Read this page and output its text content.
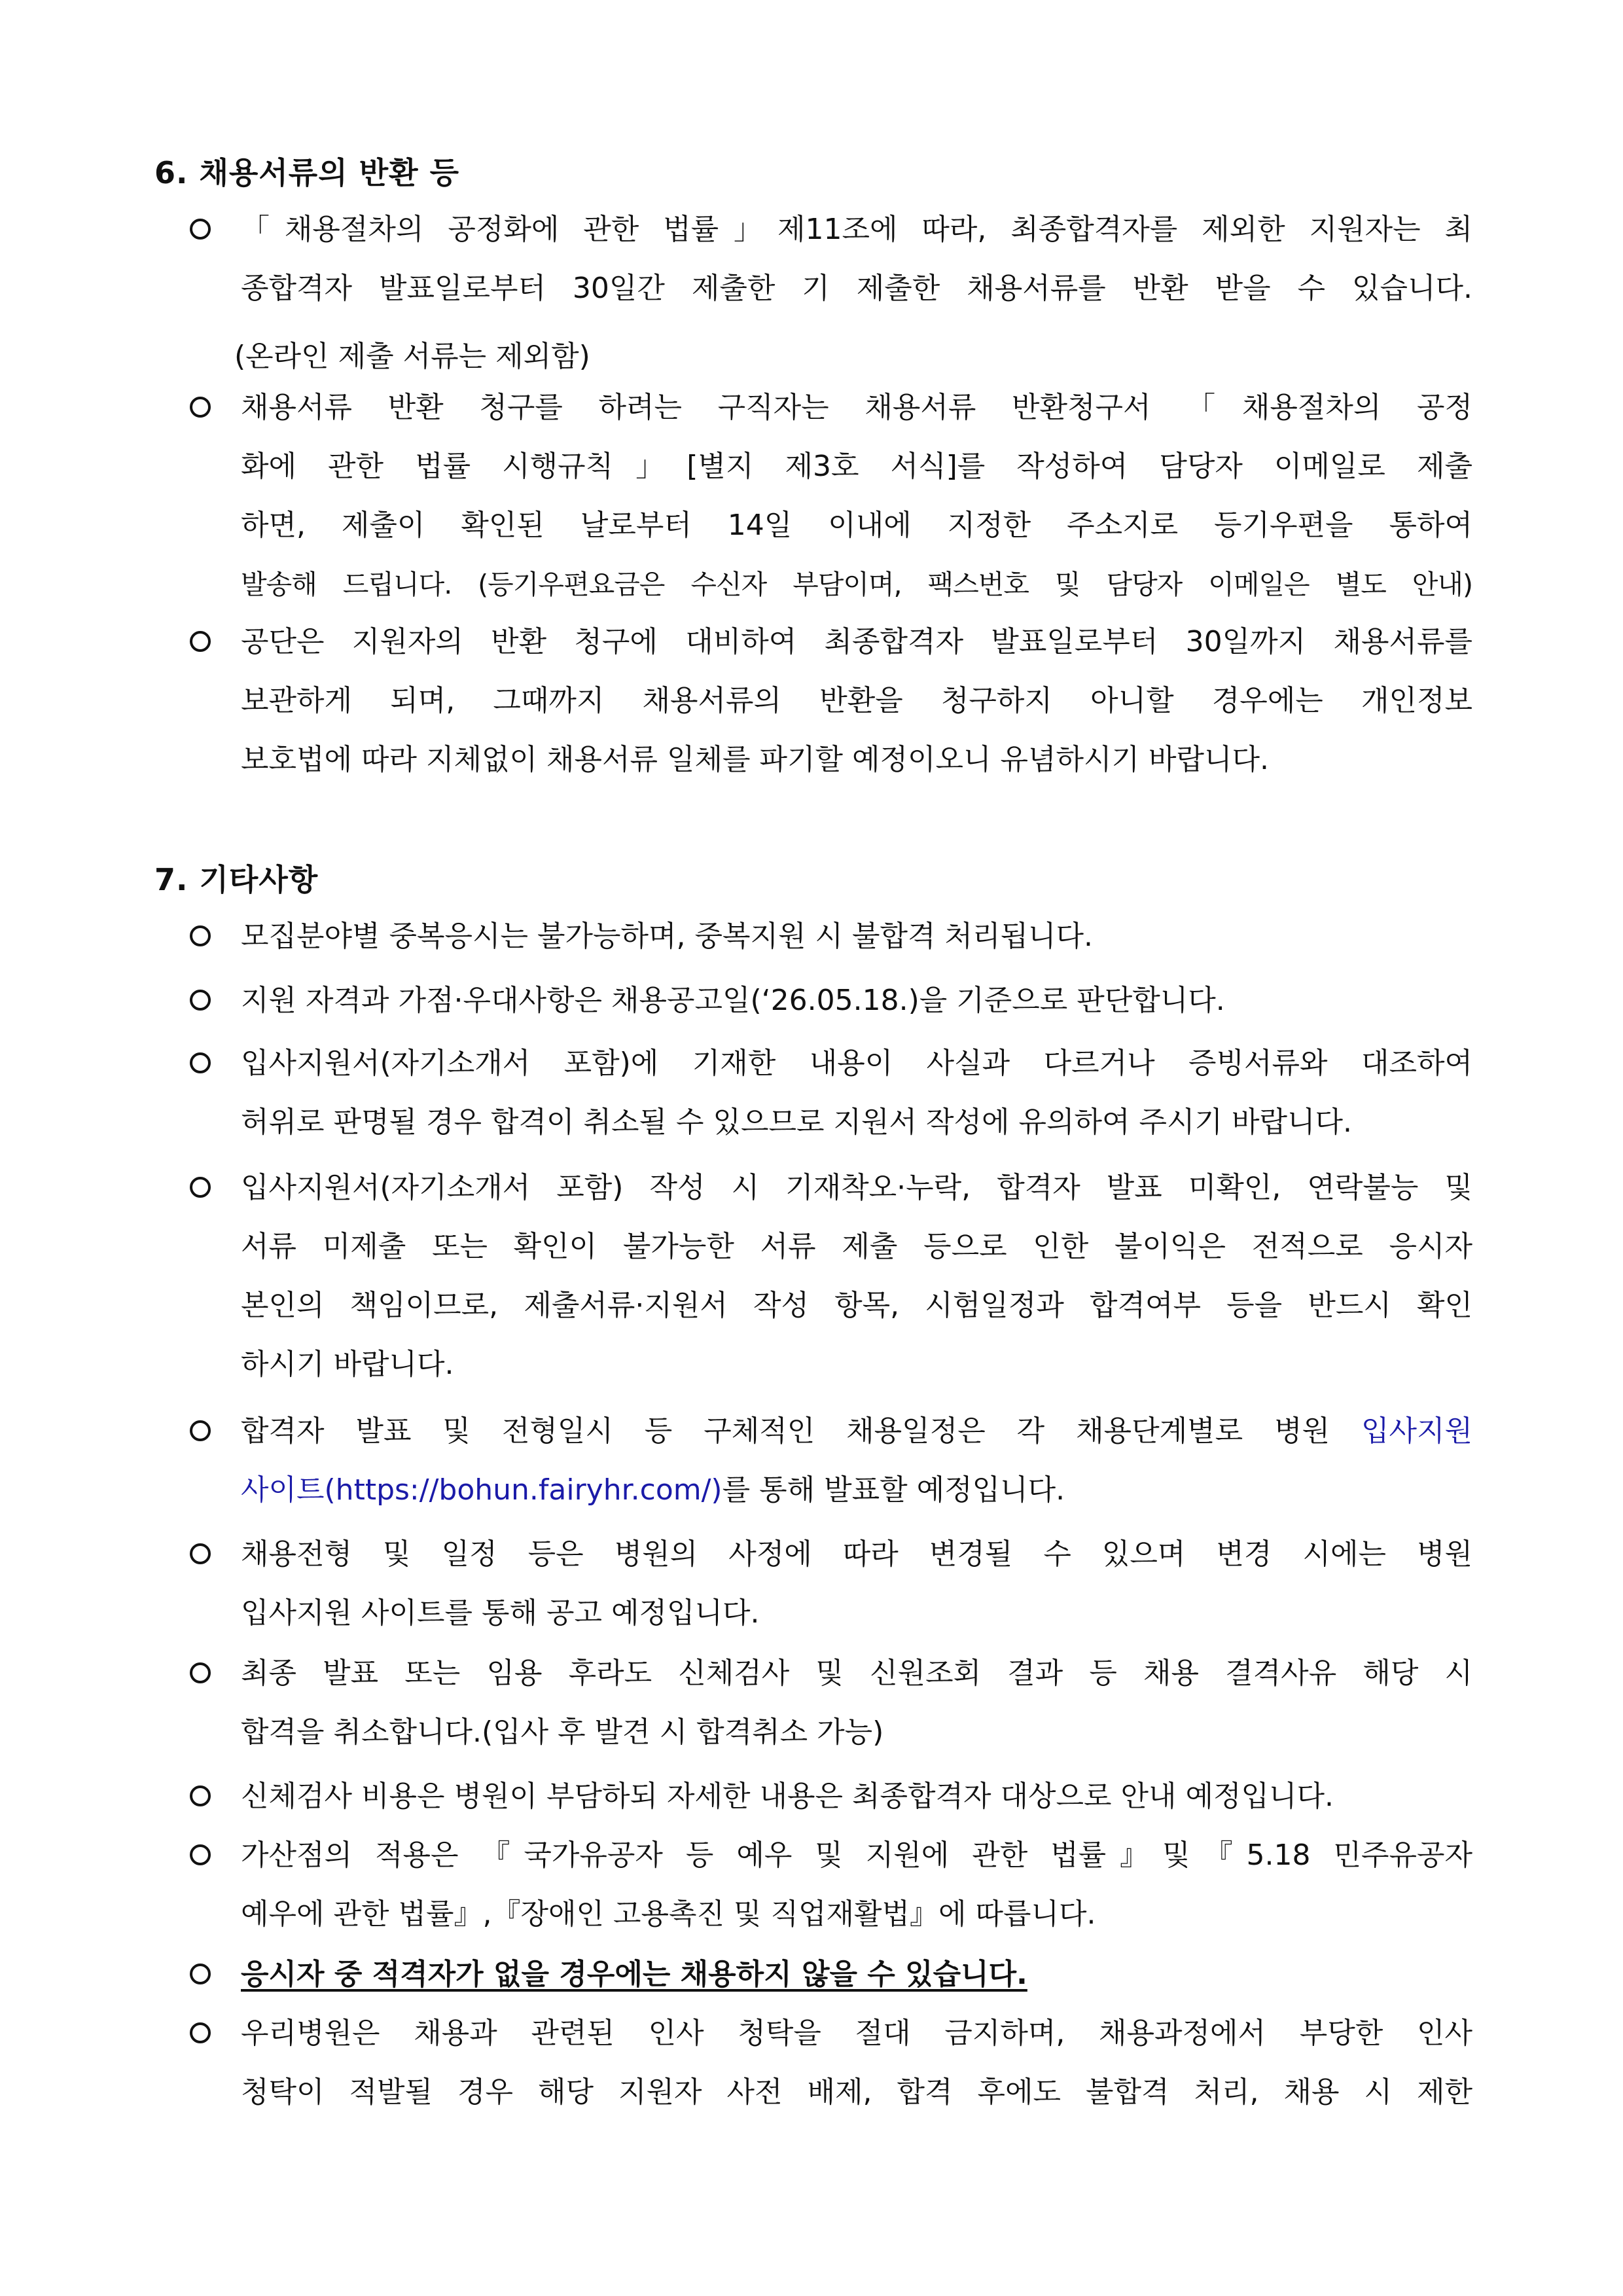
6. 채용서류의 반환 등
「채용절차의 공정화에 관한 법률」제11조에 따라, 최종합격자를 제외한 지원자는 최
종합격자 발표일로부터 30일간 제출한 기 제출한 채용서류를 반환 받을 수 있습니다.
(온라인 제출 서류는 제외함)
채용서류 반환 청구를 하려는 구직자는 채용서류 반환청구서 「채용절차의 공정
화에 관한 법률 시행규칙」[별지 제3호 서식]를 작성하여 담당자 이메일로 제출
하면, 제출이 확인된 날로부터 14일 이내에 지정한 주소지로 등기우편을 통하여
발송해 드립니다. (등기우편요금은 수신자 부담이며, 팩스번호 및 담당자 이메일은 별도 안내)
공단은 지원자의 반환 청구에 대비하여 최종합격자 발표일로부터 30일까지 채용서류를
보관하게 되며, 그때까지 채용서류의 반환을 청구하지 아니할 경우에는 개인정보
보호법에 따라 지체없이 채용서류 일체를 파기할 예정이오니 유념하시기 바랍니다.
7. 기타사항
모집분야별 중복응시는 불가능하며, 중복지원 시 불합격 처리됩니다.
지원 자격과 가점·우대사항은 채용공고일(‘26.05.18.)을 기준으로 판단합니다.
입사지원서(자기소개서 포함)에 기재한 내용이 사실과 다르거나 증빙서류와 대조하여
허위로 판명될 경우 합격이 취소될 수 있으므로 지원서 작성에 유의하여 주시기 바랍니다.
입사지원서(자기소개서 포함) 작성 시 기재착오·누락, 합격자 발표 미확인, 연락불능 및
서류 미제출 또는 확인이 불가능한 서류 제출 등으로 인한 불이익은 전적으로 응시자
본인의 책임이므로, 제출서류·지원서 작성 항목, 시험일정과 합격여부 등을 반드시 확인
하시기 바랍니다.
합격자 발표 및 전형일시 등 구체적인 채용일정은 각 채용단계별로 병원 입사지원
사이트(https://bohun.fairyhr.com/)를 통해 발표할 예정입니다.
채용전형 및 일정 등은 병원의 사정에 따라 변경될 수 있으며 변경 시에는 병원
입사지원 사이트를 통해 공고 예정입니다.
최종 발표 또는 임용 후라도 신체검사 및 신원조회 결과 등 채용 결격사유 해당 시
합격을 취소합니다.(입사 후 발견 시 합격취소 가능)
신체검사 비용은 병원이 부담하되 자세한 내용은 최종합격자 대상으로 안내 예정입니다.
가산점의 적용은 『국가유공자 등 예우 및 지원에 관한 법률』및『5.18 민주유공자
예우에 관한 법률』,『장애인 고용촉진 및 직업재활법』에 따릅니다.
응시자 중 적격자가 없을 경우에는 채용하지 않을 수 있습니다.
우리병원은 채용과 관련된 인사 청탁을 절대 금지하며, 채용과정에서 부당한 인사
청탁이 적발될 경우 해당 지원자 사전 배제, 합격 후에도 불합격 처리, 채용 시 제한
